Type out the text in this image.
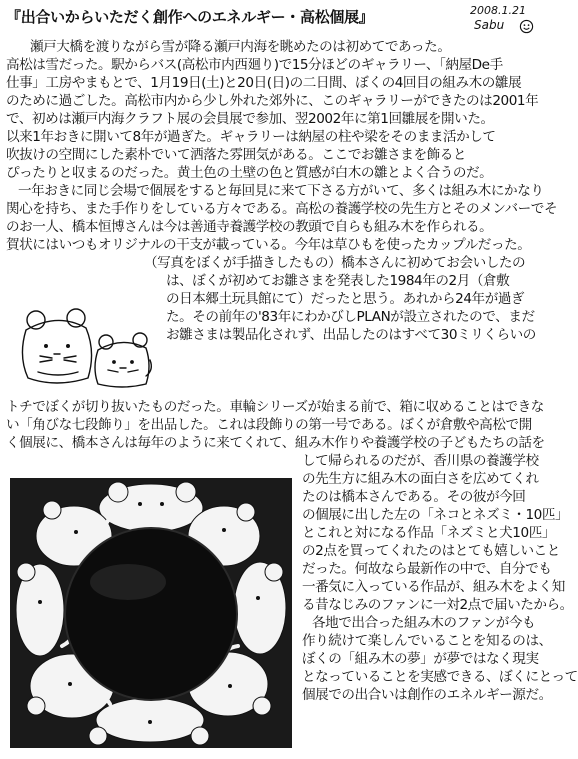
『出合いからいただく創作へのエネルギー・高松個展』	2008.1.21
Sabu
瀬戸大橋を渡りながら雪が降る瀬戸内海を眺めたのは初めてであった。
高松は雪だった。駅からバス(高松市内西廻り)で15分ほどのギャラリー、「納屋De手
仕事」工房やまもとで、1月19日(土)と20日(日)の二日間、ぼくの4回目の組み木の雛展
のために過ごした。高松市内から少し外れた郊外に、このギャラリーができたのは2001年
で、初めは瀬戸内海クラフト展の会員展で参加、翌2002年に第1回雛展を開いた。
以来1年おきに開いて8年が過ぎた。ギャラリーは納屋の柱や梁をそのまま活かして
吹抜けの空間にした素朴でいて洒落た雰囲気がある。ここでお雛さまを飾ると
ぴったりと収まるのだった。黄土色の土壁の色と質感が白木の雛とよく合うのだ。
一年おきに同じ会場で個展をすると毎回見に来て下さる方がいて、多くは組み木にかなり
関心を持ち、また手作りをしている方々である。高松の養護学校の先生方とそのメンバーでそ
のお一人、橋本恒博さんは今は善通寺養護学校の教頭で自らも組み木を作られる。
賀状にはいつもオリジナルの干支が載っている。今年は草ひもを使ったカップルだった。
（写真をぼくが手描きしたもの）橋本さんに初めてお会いしたの
は、ぼくが初めてお雛さまを発表した1984年の2月（倉敷
の日本郷土玩具館にて）だったと思う。あれから24年が過ぎ
た。その前年の'83年にわかびしPLANが設立されたので、まだ
お雛さまは製品化されず、出品したのはすべて30ミリくらいの
トチでぼくが切り抜いたものだった。車輪シリーズが始まる前で、箱に収めることはできな
い「角びな七段飾り」を出品した。これは段飾りの第一号である。ぼくが倉敷や高松で開
く個展に、橋本さんは毎年のように来てくれて、組み木作りや養護学校の子どもたちの話を
して帰られるのだが、香川県の養護学校
の先生方に組み木の面白さを広めてくれ
たのは橋本さんである。その彼が今回
の個展に出した左の「ネコとネズミ・10匹」
とこれと対になる作品「ネズミと犬10匹」
の2点を買ってくれたのはとても嬉しいこと
だった。何故なら最新作の中で、自分でも
一番気に入っている作品が、組み木をよく知
る昔なじみのファンに一対2点で届いたから。
各地で出合った組み木のファンが今も
作り続けて楽しんでいることを知るのは、
ぼくの「組み木の夢」が夢ではなく現実
となっていることを実感できる、ぼくにとって
個展での出合いは創作のエネルギー源だ。
